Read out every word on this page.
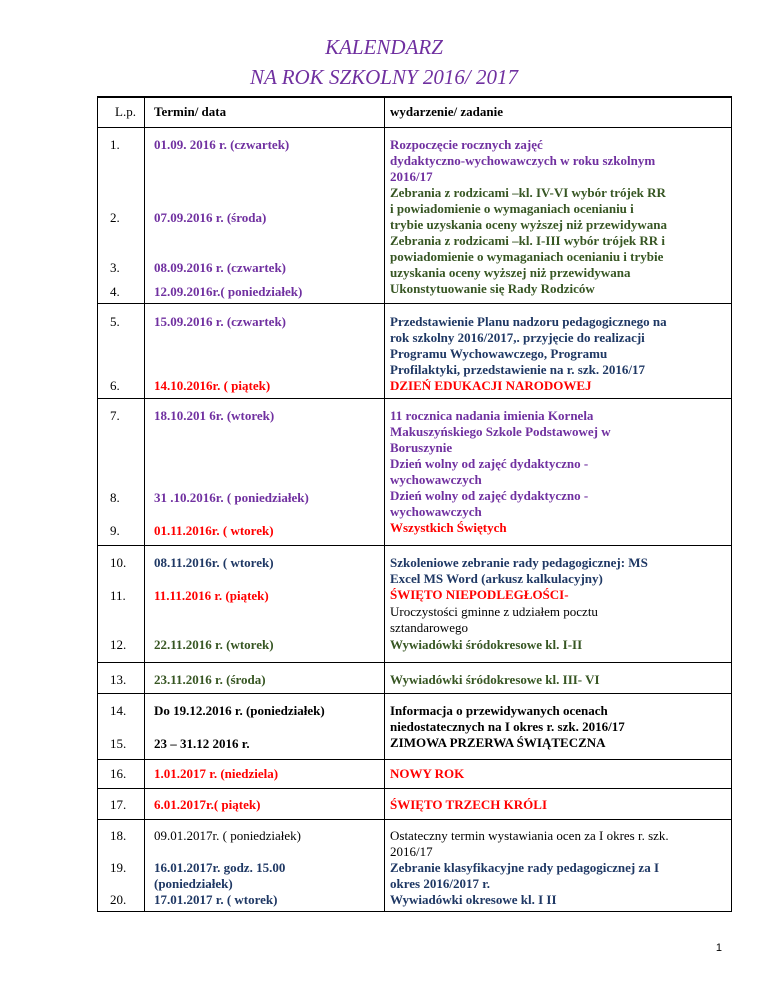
KALENDARZ
NA ROK SZKOLNY 2016/ 2017
L.p. Termin/ data	wydarzenie/ zadanie
1.
2.
3.
4.
5.
6.
7.
8.
9.
10.
11.
12.
13.
14.
15.
16.
17.
18.
19.
20.
01.09. 2016 r. (czwartek)
07.09.2016 r. (środa)
08.09.2016 r. (czwartek)
12.09.2016r.( poniedziałek)
15.09.2016 r. (czwartek)
14.10.2016r. ( piątek)
18.10.201 6r. (wtorek)
31 .10.2016r. ( poniedziałek)
01.11.2016r. ( wtorek)
08.11.2016r. ( wtorek)
11.11.2016 r. (piątek)
22.11.2016 r. (wtorek)
23.11.2016 r. (środa)
Do 19.12.2016 r. (poniedziałek)
23 – 31.12 2016 r.
1.01.2017 r. (niedziela)
6.01.2017r.( piątek)
09.01.2017r. ( poniedziałek)
16.01.2017r. godz. 15.00
(poniedziałek)
17.01.2017 r. ( wtorek)
Rozpoczęcie rocznych zajęć
dydaktyczno-wychowawczych w roku szkolnym
2016/17
Zebrania z rodzicami –kl. IV-VI wybór trójek RR
i powiadomienie o wymaganiach ocenianiu i
trybie uzyskania oceny wyższej niż przewidywana
Zebrania z rodzicami –kl. I-III wybór trójek RR i
powiadomienie o wymaganiach ocenianiu i trybie
uzyskania oceny wyższej niż przewidywana
Ukonstytuowanie się Rady Rodziców
Przedstawienie Planu nadzoru pedagogicznego na
rok szkolny 2016/2017,. przyjęcie do realizacji
Programu Wychowawczego, Programu
Profilaktyki, przedstawienie na r. szk. 2016/17
DZIEŃ EDUKACJI NARODOWEJ
11 rocznica nadania imienia Kornela
Makuszyńskiego Szkole Podstawowej w
Boruszynie
Dzień wolny od zajęć dydaktyczno -
wychowawczych
Dzień wolny od zajęć dydaktyczno -
wychowawczych
Wszystkich Świętych
Szkoleniowe zebranie rady pedagogicznej: MS
Excel MS Word (arkusz kalkulacyjny)
ŚWIĘTO NIEPODLEGŁOŚCI-
Uroczystości gminne z udziałem pocztu
sztandarowego
Wywiadówki śródokresowe kl. I-II
Wywiadówki śródokresowe kl. III- VI
Informacja o przewidywanych ocenach
niedostatecznych na I okres r. szk. 2016/17
ZIMOWA PRZERWA ŚWIĄTECZNA
NOWY ROK
ŚWIĘTO TRZECH KRÓLI
Ostateczny termin wystawiania ocen za I okres r. szk.
2016/17
Zebranie klasyfikacyjne rady pedagogicznej za I
okres 2016/2017 r.
Wywiadówki okresowe kl. I II
1
